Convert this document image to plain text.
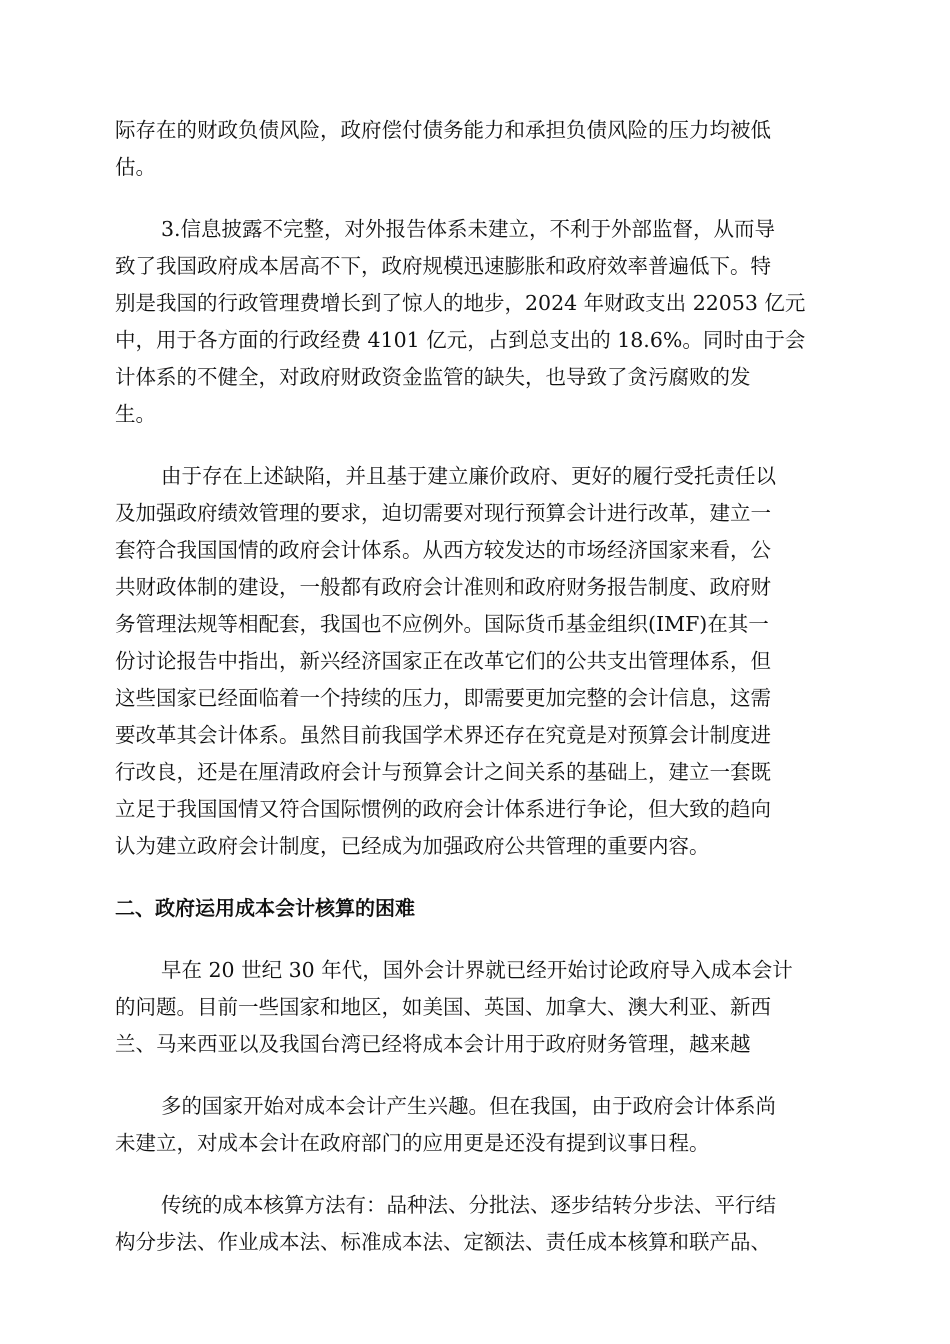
际存在的财政负债风险，政府偿付债务能力和承担负债风险的压力均被低
估。

3.信息披露不完整，对外报告体系未建立，不利于外部监督，从而导
致了我国政府成本居高不下，政府规模迅速膨胀和政府效率普遍低下。特
别是我国的行政管理费增长到了惊人的地步，2024 年财政支出 22053 亿元
中，用于各方面的行政经费 4101 亿元，占到总支出的 18.6%。同时由于会
计体系的不健全，对政府财政资金监管的缺失，也导致了贪污腐败的发
生。

由于存在上述缺陷，并且基于建立廉价政府、更好的履行受托责任以
及加强政府绩效管理的要求，迫切需要对现行预算会计进行改革，建立一
套符合我国国情的政府会计体系。从西方较发达的市场经济国家来看，公
共财政体制的建设，一般都有政府会计准则和政府财务报告制度、政府财
务管理法规等相配套，我国也不应例外。国际货币基金组织(IMF)在其一
份讨论报告中指出，新兴经济国家正在改革它们的公共支出管理体系，但
这些国家已经面临着一个持续的压力，即需要更加完整的会计信息，这需
要改革其会计体系。虽然目前我国学术界还存在究竟是对预算会计制度进
行改良，还是在厘清政府会计与预算会计之间关系的基础上，建立一套既
立足于我国国情又符合国际惯例的政府会计体系进行争论，但大致的趋向
认为建立政府会计制度，已经成为加强政府公共管理的重要内容。

二、政府运用成本会计核算的困难

早在 20 世纪 30 年代，国外会计界就已经开始讨论政府导入成本会计
的问题。目前一些国家和地区，如美国、英国、加拿大、澳大利亚、新西
兰、马来西亚以及我国台湾已经将成本会计用于政府财务管理，越来越

多的国家开始对成本会计产生兴趣。但在我国，由于政府会计体系尚
未建立，对成本会计在政府部门的应用更是还没有提到议事日程。

传统的成本核算方法有：品种法、分批法、逐步结转分步法、平行结
构分步法、作业成本法、标准成本法、定额法、责任成本核算和联产品、
